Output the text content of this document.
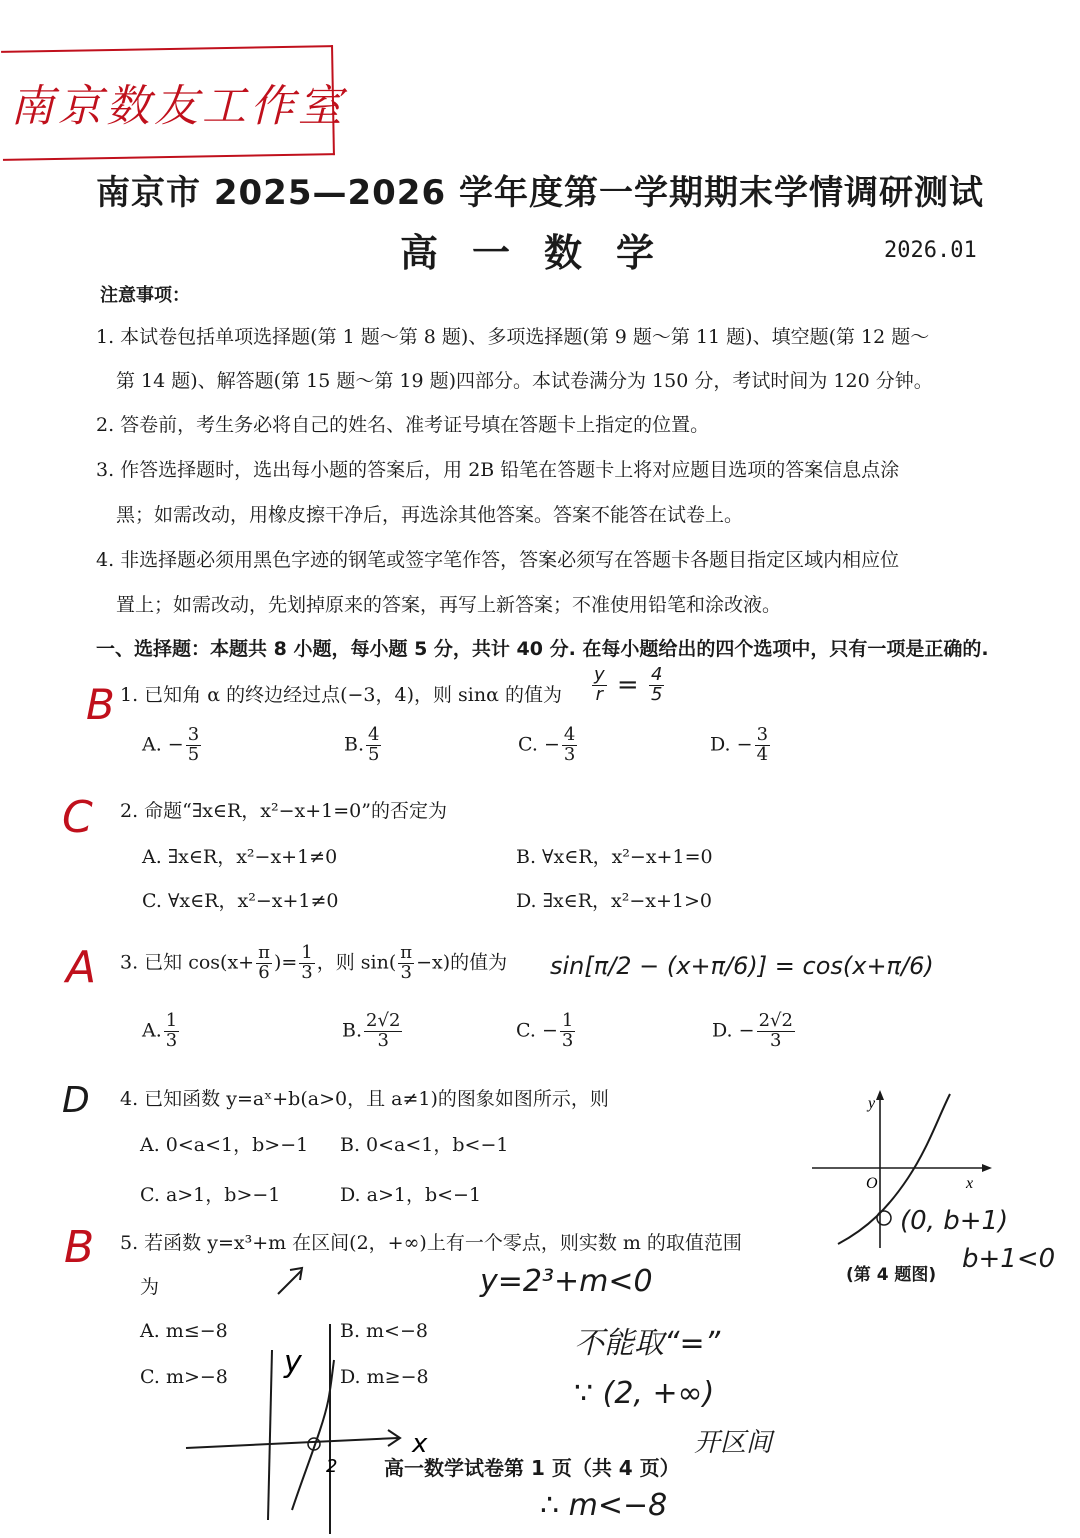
南京数友工作室
南京市 2025—2026 学年度第一学期期末学情调研测试
高一数学	2026.01
注意事项：
1. 本试卷包括单项选择题(第 1 题～第 8 题)、多项选择题(第 9 题～第 11 题)、填空题(第 12 题～
第 14 题)、解答题(第 15 题～第 19 题)四部分。本试卷满分为 150 分，考试时间为 120 分钟。
2. 答卷前，考生务必将自己的姓名、准考证号填在答题卡上指定的位置。
3. 作答选择题时，选出每小题的答案后，用 2B 铅笔在答题卡上将对应题目选项的答案信息点涂
黑；如需改动，用橡皮擦干净后，再选涂其他答案。答案不能答在试卷上。
4. 非选择题必须用黑色字迹的钢笔或签字笔作答，答案必须写在答题卡各题目指定区域内相应位
置上；如需改动，先划掉原来的答案，再写上新答案；不准使用铅笔和涂改液。
一、选择题：本题共 8 小题，每小题 5 分，共计 40 分. 在每小题给出的四个选项中，只有一项是正确的.
B 1. 已知角 α 的终边经过点(−3，4)，则 sinα 的值为 $\frac{y}{r} = \frac{4}{5}$
A. − $\frac{3}{5}$	B. $\frac{4}{5}$	C. − $\frac{4}{3}$	D. − $\frac{3}{4}$
C 2. 命题“∃x∈R，x²−x+1=0”的否定为
A. ∃x∈R，x²−x+1≠0	B. ∀x∈R，x²−x+1=0
C. ∀x∈R，x²−x+1≠0	D. ∃x∈R，x²−x+1>0
A 3. 已知 $\cos(x+ \frac{\pi}{6}$ )= $\frac{1}{3}$ ，则 $\sin( \frac{\pi}{3} -x)$的值为 sin[π/2 − (x+π/6)] = cos(x+π/6)
A. $\frac{1}{3}$	B. $\frac{2√2}{3}$	C. − $\frac{1}{3}$	D. − $\frac{2√2}{3}$
D 4. 已知函数 y=aˣ+b(a>0，且 a≠1)的图象如图所示，则
A. 0<a<1，b>−1 B. 0<a<1，b<−1
C. a>1，b>−1	D. a>1，b<−1
y
x
O
(0, b+1)
b+1<0
(第 4 题图)
B 5. 若函数 y=x³+m 在区间(2，+∞)上有一个零点，则实数 m 的取值范围
为
A. m≤−8	B. m<−8
C. m>−8	D. m≥−8
y=2³+m<0
不能取“=”
∵ (2, +∞)
开区间
∴ m<−8
y
x
2 高一数学试卷第 1 页（共 4 页）
